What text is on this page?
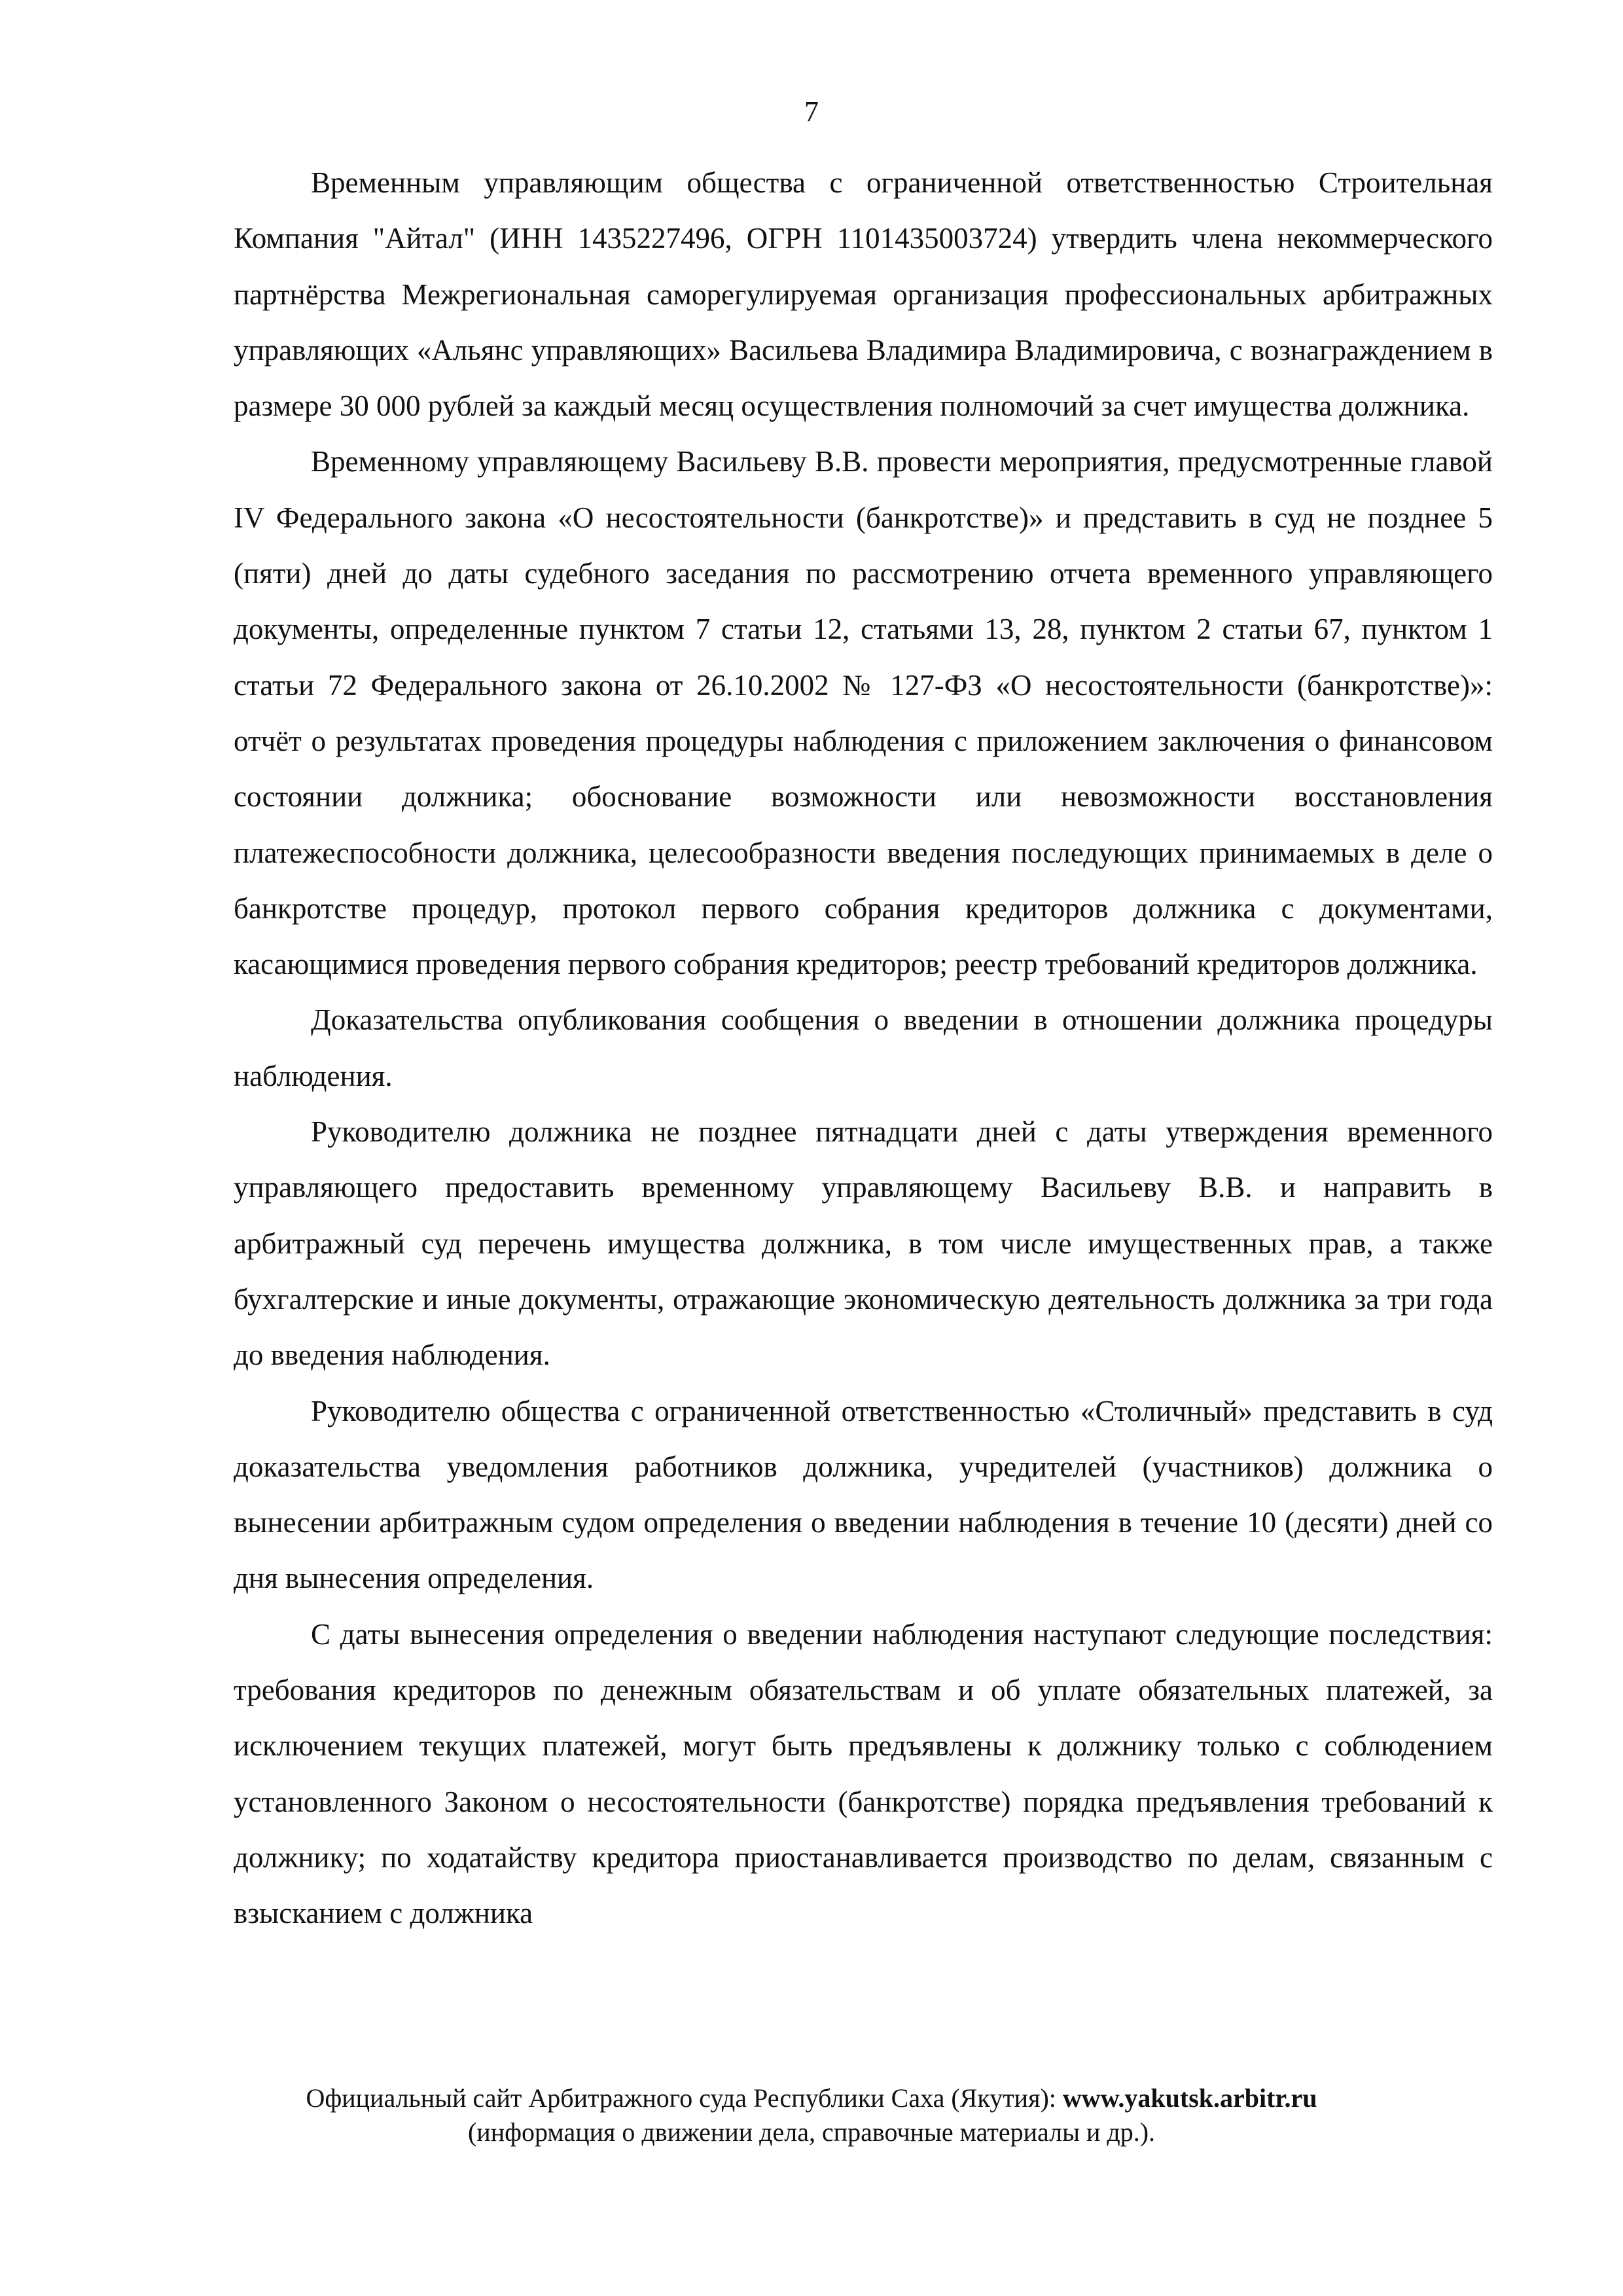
7

Временным управляющим общества с ограниченной ответственностью Строительная Компания "Айтал" (ИНН 1435227496, ОГРН 1101435003724) утвердить члена некоммерческого партнёрства Межрегиональная саморегулируемая организация профессиональных арбитражных управляющих «Альянс управляющих» Васильева Владимира Владимировича, с вознаграждением в размере 30 000 рублей за каждый месяц осуществления полномочий за счет имущества должника.

Временному управляющему Васильеву В.В. провести мероприятия, предусмотренные главой IV Федерального закона «О несостоятельности (банкротстве)» и представить в суд не позднее 5 (пяти) дней до даты судебного заседания по рассмотрению отчета временного управляющего документы, определенные пунктом 7 статьи 12, статьями 13, 28, пунктом 2 статьи 67, пунктом 1 статьи 72 Федерального закона от 26.10.2002 № 127-ФЗ «О несостоятельности (банкротстве)»: отчёт о результатах проведения процедуры наблюдения с приложением заключения о финансовом состоянии должника; обоснование возможности или невозможности восстановления платежеспособности должника, целесообразности введения последующих принимаемых в деле о банкротстве процедур, протокол первого собрания кредиторов должника с документами, касающимися проведения первого собрания кредиторов; реестр требований кредиторов должника.

Доказательства опубликования сообщения о введении в отношении должника процедуры наблюдения.

Руководителю должника не позднее пятнадцати дней с даты утверждения временного управляющего предоставить временному управляющему Васильеву В.В. и направить в арбитражный суд перечень имущества должника, в том числе имущественных прав, а также бухгалтерские и иные документы, отражающие экономическую деятельность должника за три года до введения наблюдения.

Руководителю общества с ограниченной ответственностью «Столичный» представить в суд доказательства уведомления работников должника, учредителей (участников) должника о вынесении арбитражным судом определения о введении наблюдения в течение 10 (десяти) дней со дня вынесения определения.

С даты вынесения определения о введении наблюдения наступают следующие последствия: требования кредиторов по денежным обязательствам и об уплате обязательных платежей, за исключением текущих платежей, могут быть предъявлены к должнику только с соблюдением установленного Законом о несостоятельности (банкротстве) порядка предъявления требований к должнику; по ходатайству кредитора приостанавливается производство по делам, связанным с взысканием с должника

Официальный сайт Арбитражного суда Республики Саха (Якутия): www.yakutsk.arbitr.ru
(информация о движении дела, справочные материалы и др.).
